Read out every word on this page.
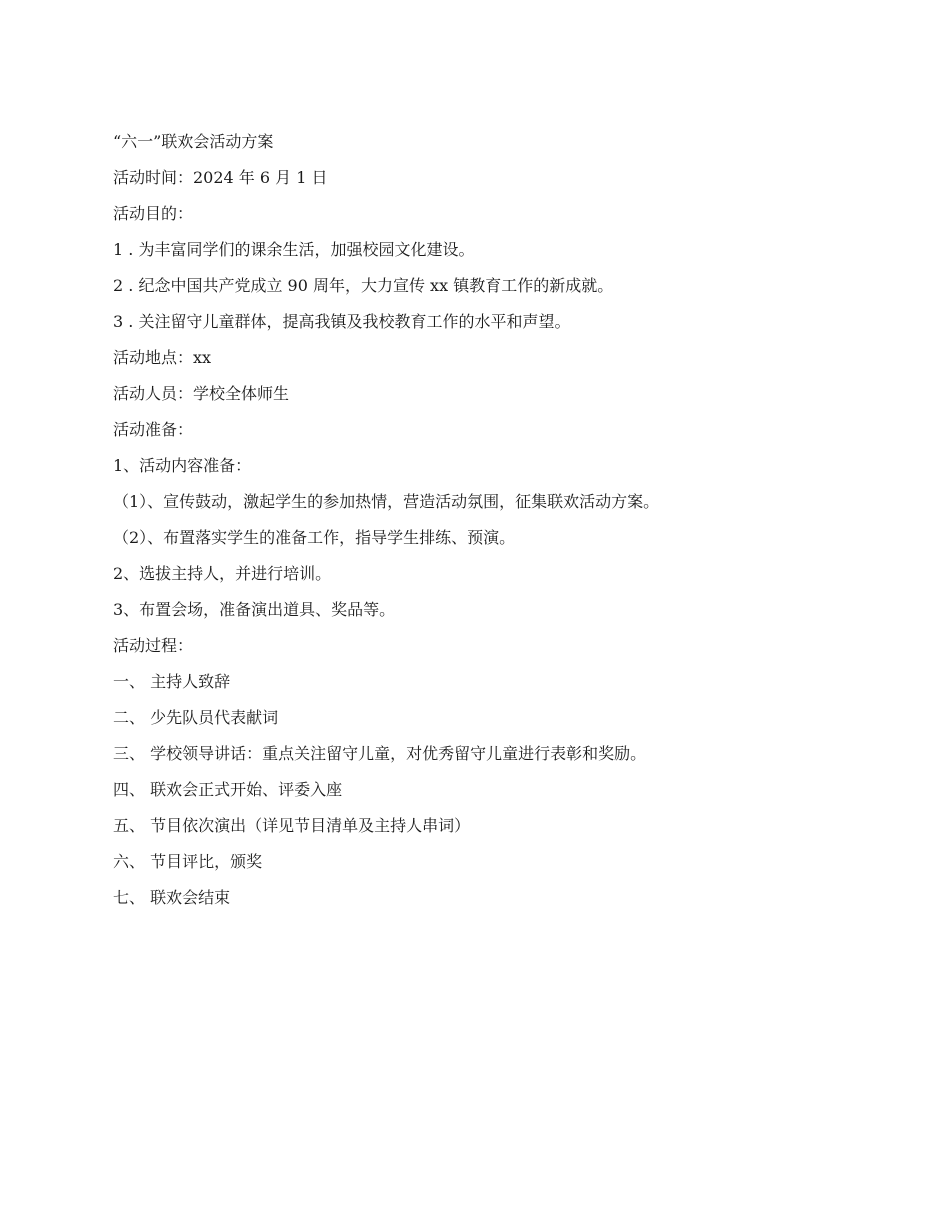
“六一”联欢会活动方案
活动时间：2024 年 6 月 1 日
活动目的：
1 . 为丰富同学们的课余生活，加强校园文化建设。
2 . 纪念中国共产党成立 90 周年，大力宣传 xx 镇教育工作的新成就。
3 . 关注留守儿童群体，提高我镇及我校教育工作的水平和声望。
活动地点：xx
活动人员：学校全体师生
活动准备：
1、活动内容准备：
（1）、宣传鼓动，激起学生的参加热情，营造活动氛围，征集联欢活动方案。
（2）、布置落实学生的准备工作，指导学生排练、预演。
2、选拔主持人，并进行培训。
3、布置会场，准备演出道具、奖品等。
活动过程：
一、 主持人致辞
二、 少先队员代表献词
三、 学校领导讲话：重点关注留守儿童，对优秀留守儿童进行表彰和奖励。
四、 联欢会正式开始、评委入座
五、 节目依次演出（详见节目清单及主持人串词）
六、 节目评比，颁奖
七、 联欢会结束
